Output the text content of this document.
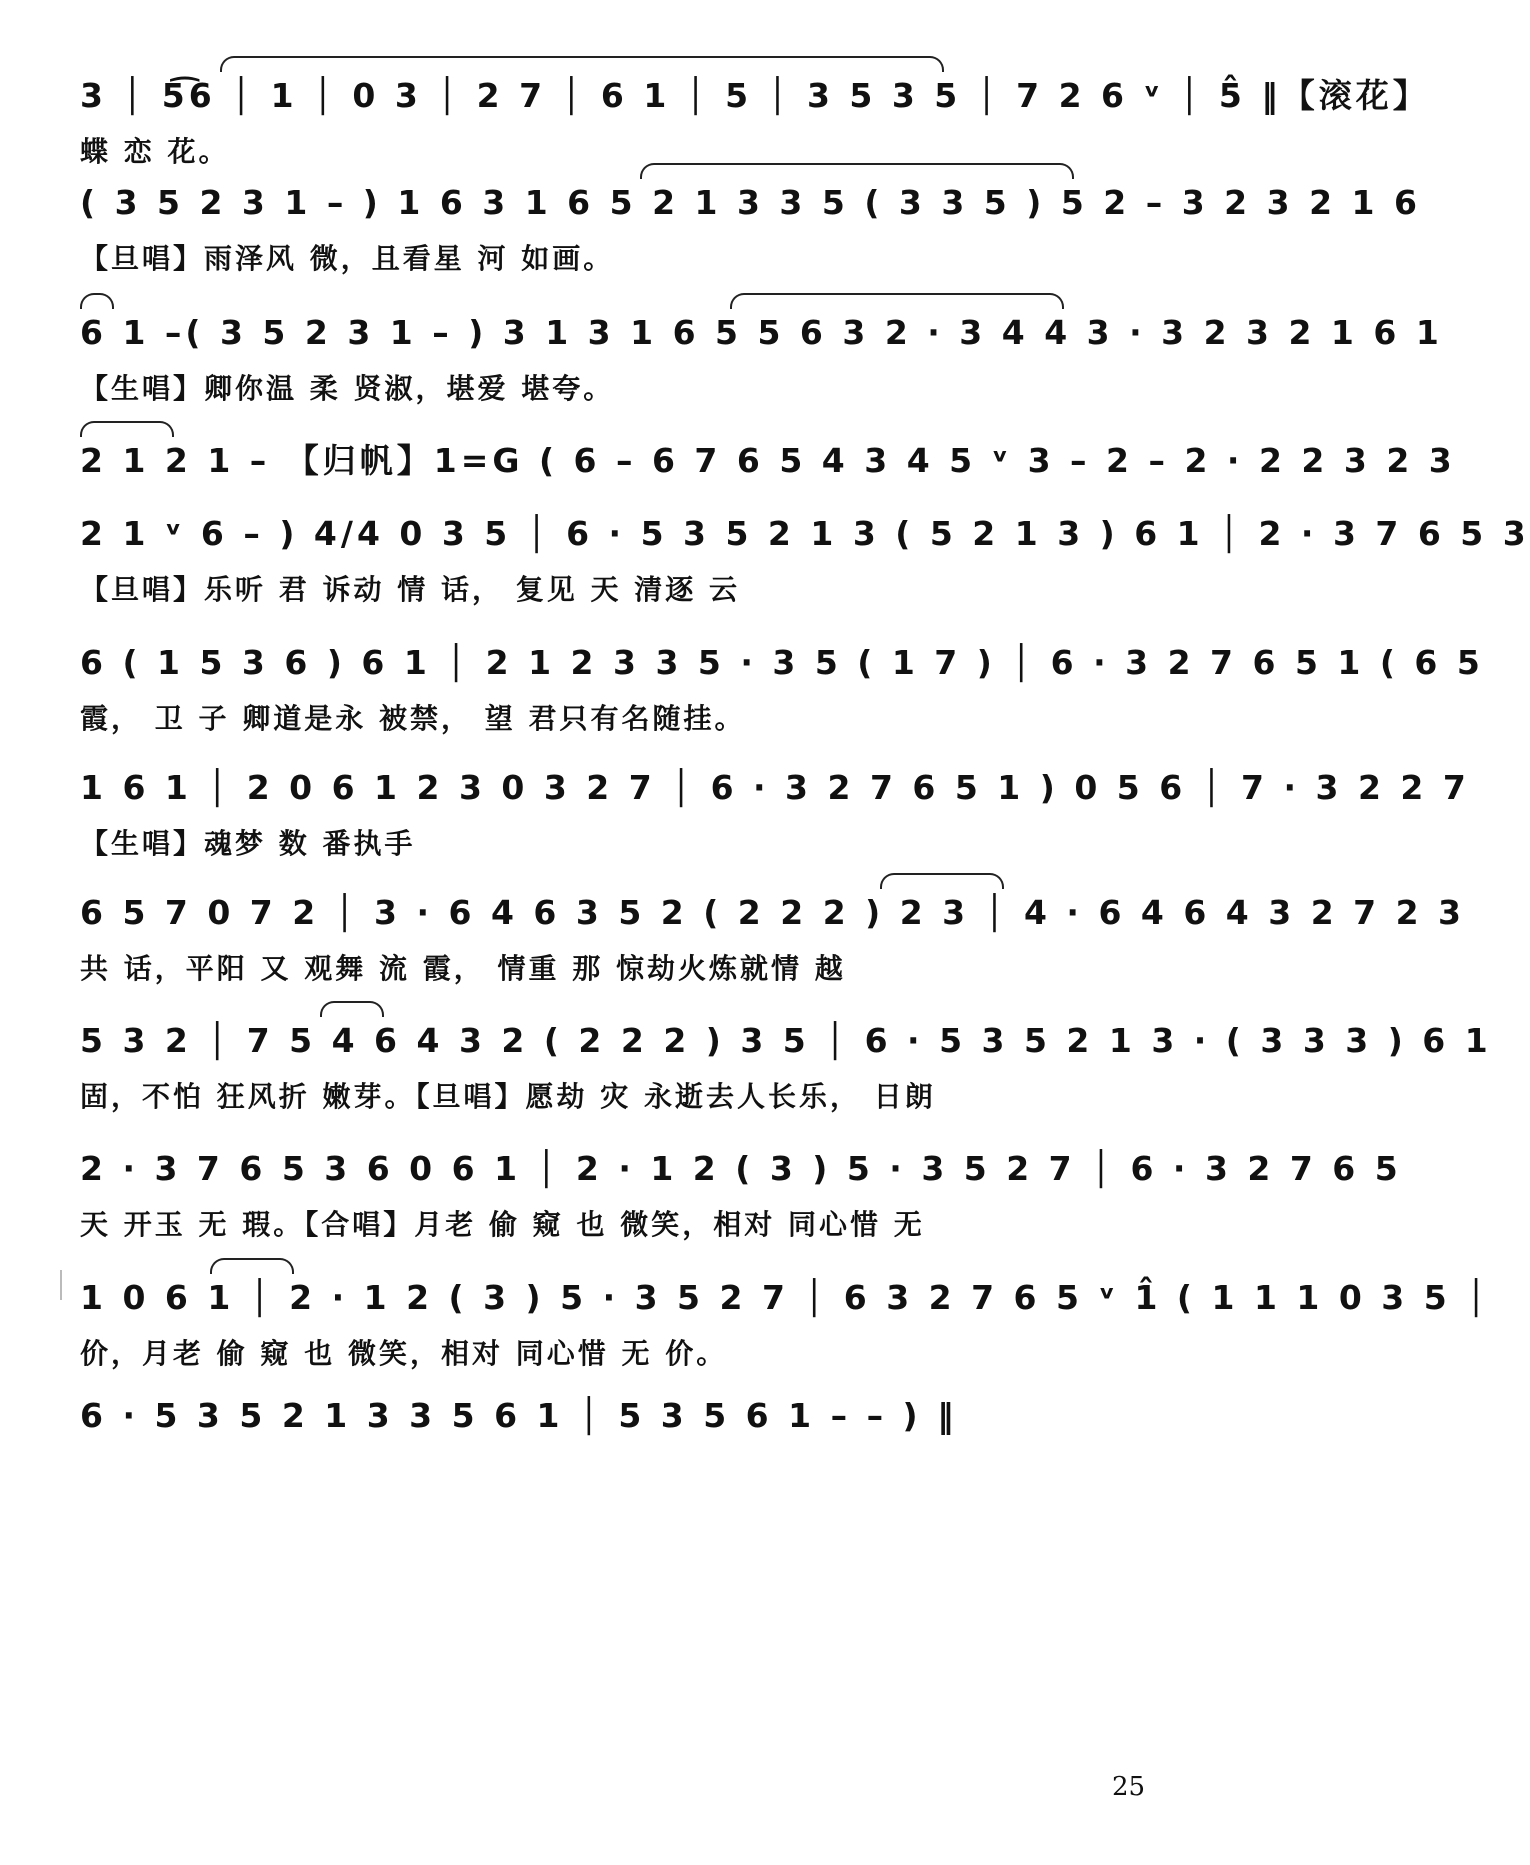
3 │ 5͡6 │ 1 │ 0 3 │ 2 7 │ 6 1 │ 5 │ 3 5 3 5 │ 7 2 6 ᵛ │ 5̂ ‖【滚花】
蝶 恋 花。
( 3 5 2 3 1 – ) 1 6 3 1 6 5 2 1 3 3 5 ( 3 3 5 ) 5 2 – 3 2 3 2 1 6
【旦唱】雨泽风 微，且看星 河 如画。
6 1 –( 3 5 2 3 1 – ) 3 1 3 1 6 5 5 6 3 2 · 3 4 4 3 · 3 2 3 2 1 6 1
【生唱】卿你温 柔 贤淑，堪爱 堪夸。
2 1 2 1 – 【归帆】1=G ( 6 – 6 7 6 5 4 3 4 5 ᵛ 3 – 2 – 2 · 2 2 3 2 3
2 1 ᵛ 6 – ) 4/4 0 3 5 │ 6 · 5 3 5 2 1 3 ( 5 2 1 3 ) 6 1 │ 2 · 3 7 6 5 3
【旦唱】乐听 君 诉动 情 话， 复见 天 清逐 云
6 ( 1 5 3 6 ) 6 1 │ 2 1 2 3 3 5 · 3 5 ( 1 7 ) │ 6 · 3 2 7 6 5 1 ( 6 5
霞， 卫 子 卿道是永 被禁， 望 君只有名随挂。
1 6 1 │ 2 0 6 1 2 3 0 3 2 7 │ 6 · 3 2 7 6 5 1 ) 0 5 6 │ 7 · 3 2 2 7
【生唱】魂梦 数 番执手
6 5 7 0 7 2 │ 3 · 6 4 6 3 5 2 ( 2 2 2 ) 2 3 │ 4 · 6 4 6 4 3 2 7 2 3
共 话，平阳 又 观舞 流 霞， 情重 那 惊劫火炼就情 越
5 3 2 │ 7 5 4 6 4 3 2 ( 2 2 2 ) 3 5 │ 6 · 5 3 5 2 1 3 · ( 3 3 3 ) 6 1
固，不怕 狂风折 嫩芽。【旦唱】愿劫 灾 永逝去人长乐， 日朗
2 · 3 7 6 5 3 6 0 6 1 │ 2 · 1 2 ( 3 ) 5 · 3 5 2 7 │ 6 · 3 2 7 6 5
天 开玉 无 瑕。【合唱】月老 偷 窥 也 微笑，相对 同心惜 无
1 0 6 1 │ 2 · 1 2 ( 3 ) 5 · 3 5 2 7 │ 6 3 2 7 6 5 ᵛ 1̂ ( 1 1 1 0 3 5 │
价，月老 偷 窥 也 微笑，相对 同心惜 无 价。
6 · 5 3 5 2 1 3 3 5 6 1 │ 5 3 5 6 1 – – ) ‖
25
